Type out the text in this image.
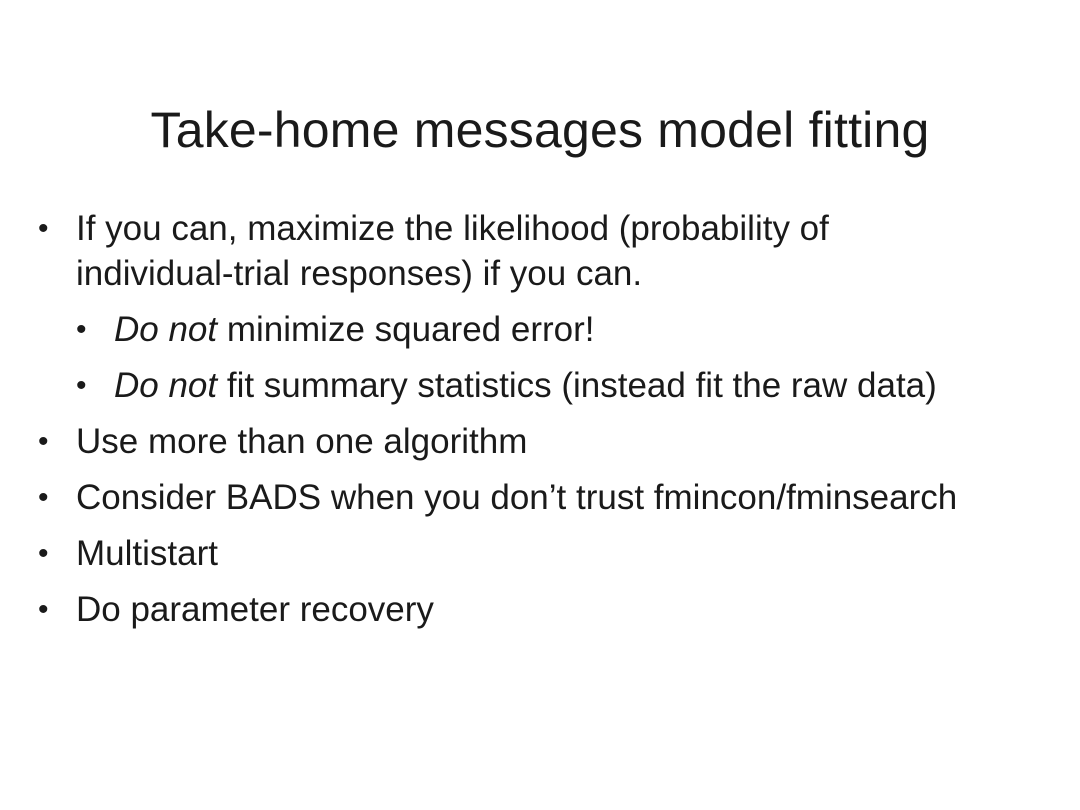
Take-home messages model fitting
• If you can, maximize the likelihood (probability of individual-trial responses) if you can.
• Do not minimize squared error!
• Do not fit summary statistics (instead fit the raw data)
• Use more than one algorithm
• Consider BADS when you don’t trust fmincon/fminsearch
• Multistart
• Do parameter recovery
